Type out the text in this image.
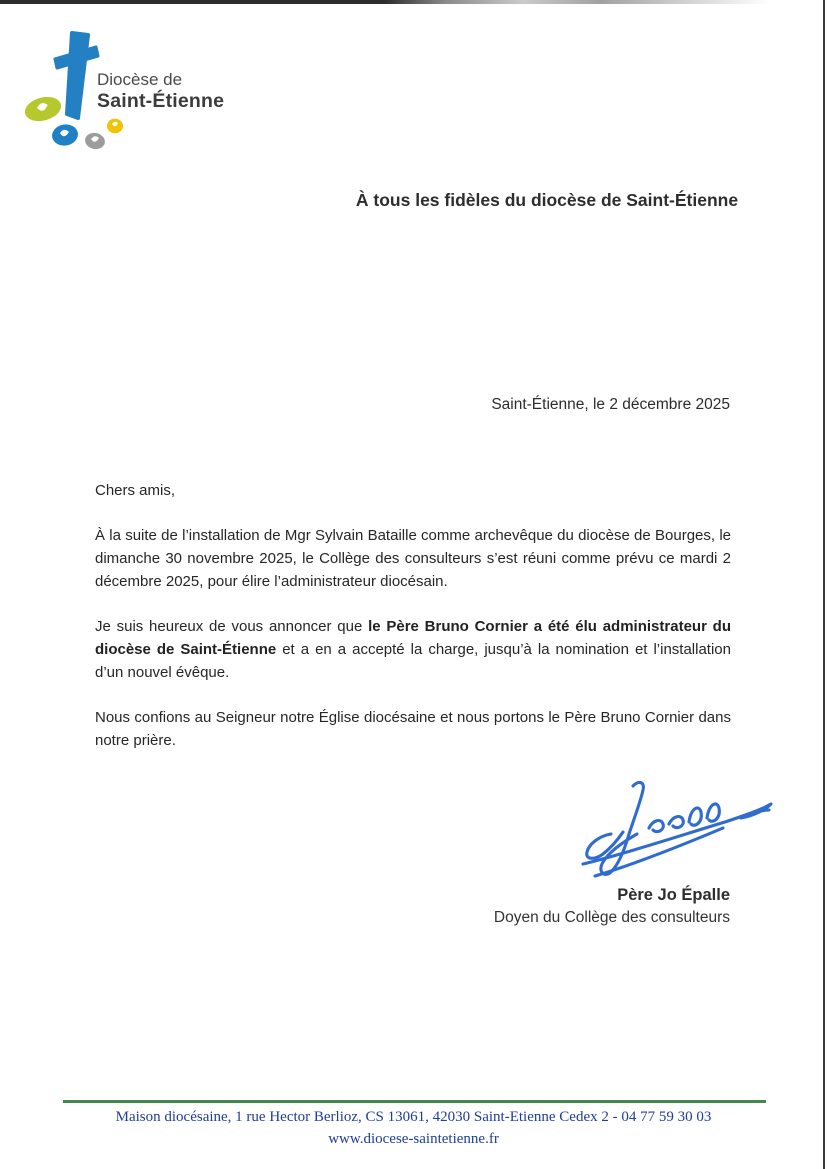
Diocèse de
Saint-Étienne
À tous les fidèles du diocèse de Saint-Étienne
Saint-Étienne, le 2 décembre 2025

Chers amis,

À la suite de l’installation de Mgr Sylvain Bataille comme archevêque du diocèse de Bourges, le dimanche 30 novembre 2025, le Collège des consulteurs s’est réuni comme prévu ce mardi 2 décembre 2025, pour élire l’administrateur diocésain.

Je suis heureux de vous annoncer que le Père Bruno Cornier a été élu administrateur du diocèse de Saint-Étienne et a en a accepté la charge, jusqu’à la nomination et l’installation d’un nouvel évêque.

Nous confions au Seigneur notre Église diocésaine et nous portons le Père Bruno Cornier dans notre prière.

Père Jo Épalle
Doyen du Collège des consulteurs
Maison diocésaine, 1 rue Hector Berlioz, CS 13061, 42030 Saint-Etienne Cedex 2 - 04 77 59 30 03
www.diocese-saintetienne.fr
